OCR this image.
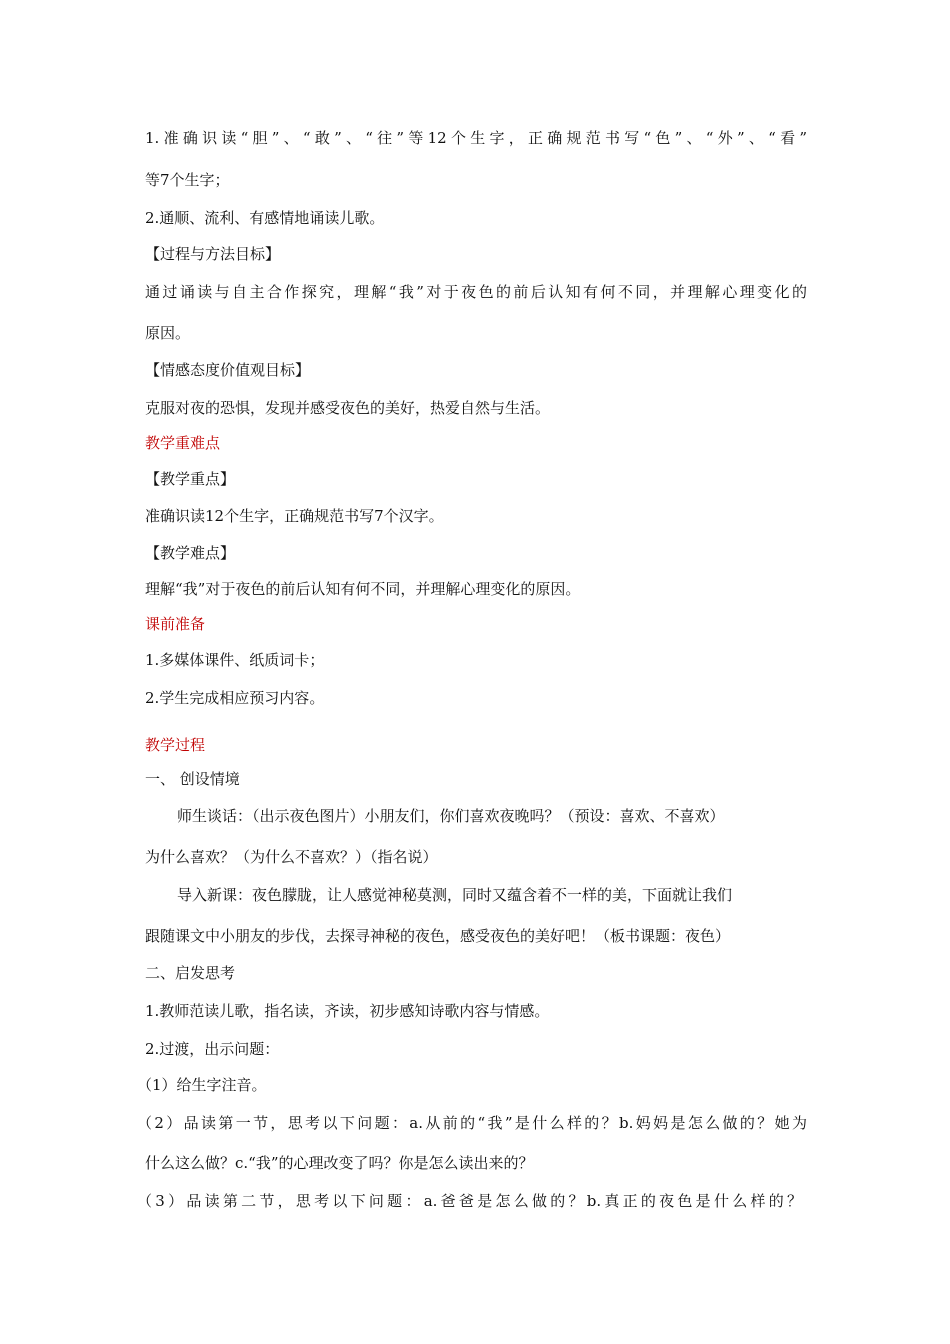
1.准确识读“胆”、“敢”、“往”等12个生字，正确规范书写“色”、“外”、“看”
等7个生字；
2.通顺、流利、有感情地诵读儿歌。
【过程与方法目标】
通过诵读与自主合作探究，理解“我”对于夜色的前后认知有何不同，并理解心理变化的
原因。
【情感态度价值观目标】
克服对夜的恐惧，发现并感受夜色的美好，热爱自然与生活。
教学重难点
【教学重点】
准确识读12个生字，正确规范书写7个汉字。
【教学难点】
理解“我”对于夜色的前后认知有何不同，并理解心理变化的原因。
课前准备
1.多媒体课件、纸质词卡；
2.学生完成相应预习内容。
教学过程
一、 创设情境
师生谈话：（出示夜色图片）小朋友们，你们喜欢夜晚吗？（预设：喜欢、不喜欢）
为什么喜欢？（为什么不喜欢？）（指名说）
导入新课：夜色朦胧，让人感觉神秘莫测，同时又蕴含着不一样的美，下面就让我们
跟随课文中小朋友的步伐，去探寻神秘的夜色，感受夜色的美好吧！（板书课题：夜色）
二、启发思考
1.教师范读儿歌，指名读，齐读，初步感知诗歌内容与情感。
2.过渡，出示问题：
（1）给生字注音。
（2）品读第一节，思考以下问题：a.从前的“我”是什么样的？b.妈妈是怎么做的？她为
什么这么做？c.“我”的心理改变了吗？你是怎么读出来的？
（3）品读第二节，思考以下问题：a.爸爸是怎么做的？b.真正的夜色是什么样的？
